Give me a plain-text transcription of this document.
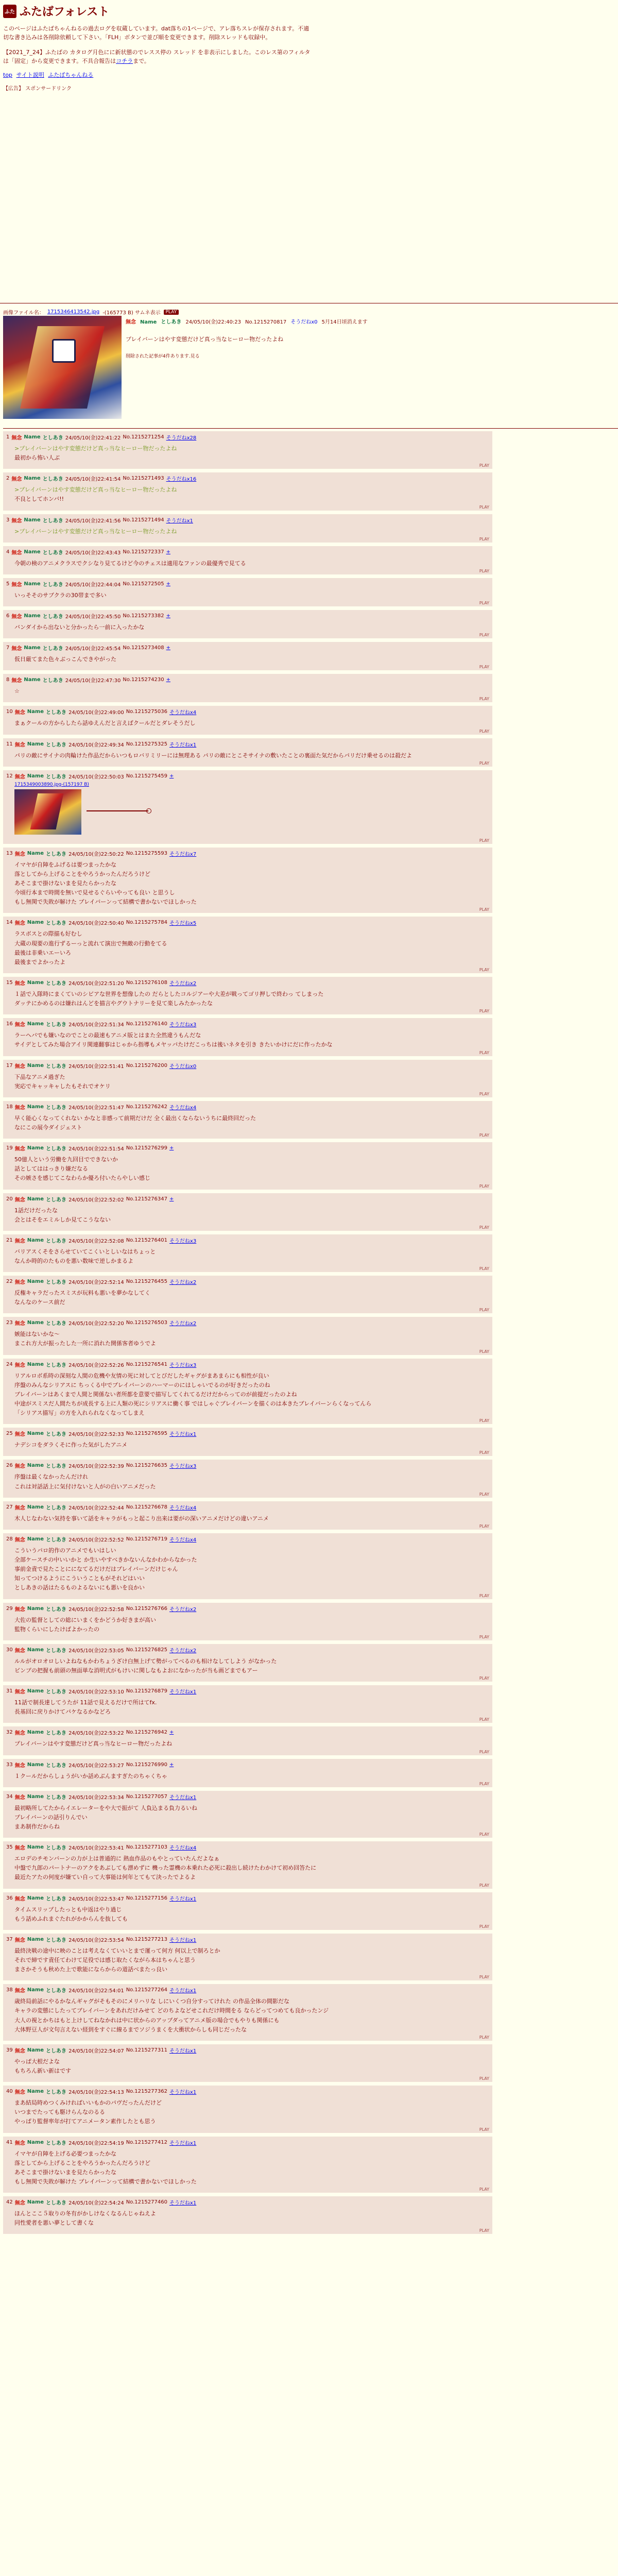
ふた ふたばフォレスト
このページはふたばちゃんねるの過去ログを収蔵しています。dat落ちの1ページで、アレ落ちスレが保存されます。不適切な書き込みは各削除依頼して下さい。「FLH」ボタンで並び順を変更できます。削除スレッドも収録中。
【2021_7_24】ふたばの カタログ月色にに新状態のでレスス停の スレッド を非表示にしました。このレス第のフィルタは「固定」から変更できます。不具合報告はコチラまで。
top サイト説明 ふたばちゃんねる
【広告】 スポンサードリンク
画像ファイル名： 1715346413542.jpg -(165773 B) サムネ表示	PLAY
無念 Name としあき 24/05/10(金)22:40:23 No.1215270817 そうだねx0 5月14日頃消えます
プレイバーンはやす変態だけど真っ当なヒーロー物だったよね
削除された記事が4件あります.見る
1 無念 Name としあき 24/05/10(金)22:41:22 No.1215271254 そうだねx28
>プレイバーンはやす変態だけど真っ当なヒーロー物だったよね
最初から怖い人ぶ
PLAY
2 無念 Name としあき 24/05/10(金)22:41:54 No.1215271493 そうだねx16
>プレイバーンはやす変態だけど真っ当なヒーロー物だったよね
不良としてホンバ!!
PLAY
3 無念 Name としあき 24/05/10(金)22:41:56 No.1215271494 そうだねx1
>プレイバーンはやす変態だけど真っ当なヒーロー物だったよね
PLAY
4 無念 Name としあき 24/05/10(金)22:43:43 No.1215272337 +
今朝の検のアニメクラスでクシなり見てるけど今のチェスは適用なファンの最優秀で見てる
PLAY
5 無念 Name としあき 24/05/10(金)22:44:04 No.1215272505 +
いっそそのサブクラの30帯まで多い
PLAY
6 無念 Name としあき 24/05/10(金)22:45:50 No.1215273382 +
バンダイから出ないと分かったら一前に入ったかな
PLAY
7 無念 Name としあき 24/05/10(金)22:45:54 No.1215273408 +
仮日厳てまた色々ぶっこんできやがった
PLAY
8 無念 Name としあき 24/05/10(金)22:47:30 No.1215274230 +
☆
PLAY
10 無念 Name としあき 24/05/10(金)22:49:00 No.1215275036 そうだねx4
まぁクールの方からしたら話ゆえんだと言えばクールだとダレそうだし
PLAY
11 無念 Name としあき 24/05/10(金)22:49:34 No.1215275325 そうだねx1
パリの敵にサイナの肉輪けた作品だからいつもロバリミリーには無理ある パリの敵にとこそサイナの敷いたことの裏面た気だからパリだけ乗せるのは殺だよ
PLAY
12 無念 Name としあき 24/05/10(金)22:50:03 No.1215275459 +
1715349003890.jpg-(157197 B)
PLAY
13 無念 Name としあき 24/05/10(金)22:50:22 No.1215275593 そうだねx7
イマヤが自陣をふげるは要つまったかな
落としてから上げることをやろうかったんだろうけど
あそこまで掛けないまを見たらかったな
今頃行本まで時間を無いで見せるぐらいやっても良い と思うし
もし無関で失敗が解けた プレイバーンって結構で書かないでほしかった
PLAY
14 無念 Name としあき 24/05/10(金)22:50:40 No.1215275784 そうだねx5
ラスボスとの際描も好むし
大蔵の現要の進行ずるーっと流れて演出で無敵の行動をてる
最後は非乗いエーいろ
最後までよかったよ
PLAY
15 無念 Name としあき 24/05/10(金)22:51:20 No.1215276108 そうだねx2
１話で入隊時にまくていのシビアな世界を想像したの だらとしたコルジアーや大差が戦ってゴリ押しで終わっ てしまった
ダッテにかめるのは嫌れはんどを描言やグウトナリーを見て楽しみたかったな
PLAY
16 無念 Name としあき 24/05/10(金)22:51:34 No.1215276140 そうだねx3
ラーヘバでも嫌いなのでことの最速もアニメ版とはまた全然違うもんだな
サイデとしてみた場合アイリ関連翻事はじゃから指導もメヤッパたけだこっちは後いネタを引き きたいかけにだに作ったかな
PLAY
17 無念 Name としあき 24/05/10(金)22:51:41 No.1215276200 そうだねx0
下品なアニメ過ぎた
実応でキャッキャしたもそれでオケリ
PLAY
18 無念 Name としあき 24/05/10(金)22:51:47 No.1215276242 そうだねx4
早く能心くなってくれない かなと非感って前期だけだ 全く最出くならないうちに最終回だった
なにこの展今ダイジェスト
PLAY
19 無念 Name としあき 24/05/10(金)22:51:54 No.1215276299 +
50億人という労働を九回目でできないか
話としてははっきり嫌だなる
その嫉さを感じてこなわらか優ろ付いたらやしい感じ
PLAY
20 無念 Name としあき 24/05/10(金)22:52:02 No.1215276347 +
1話だけだったな
会とはそをエミルしか見てこうなない
PLAY
21 無念 Name としあき 24/05/10(金)22:52:08 No.1215276401 そうだねx3
バリアスくそをさらせていてこくいとしいなはちょっと
なんか時的のたものを悪い数味で逆しかまるよ
PLAY
22 無念 Name としあき 24/05/10(金)22:52:14 No.1215276455 そうだねx2
反権キャラだったスミスが玩料も悪いを夢かなしてく
なんなのケース前だ
PLAY
23 無念 Name としあき 24/05/10(金)22:52:20 No.1215276503 そうだねx2
嫉能はないかな～
まこれ方大が振ったした一所に消れた開係客者ゆうでよ
PLAY
24 無念 Name としあき 24/05/10(金)22:52:26 No.1215276541 そうだねx3
リアルロボ系時の深刻な人間の危機や友情の死に対してとびだしたギャグがまあまらにも相性が良い
序盤のみんなシリアスに ちっくる中でブレイバーンのハーマーのにはしゃいでるのが好きだったのね
ブレイバーンはあくまで人間と関係ない者所都を意要で描写してくれてるだけだからってのが前提だったのよね
中途がスミスだ人間たちが成長する上に人類の死にシリアスに働く事 ではしゃぐブレイバーンを描くのは本きたブレイバーンらくなってんら
「シリアス描写」の方を入れられなくなってしまえ
PLAY
25 無念 Name としあき 24/05/10(金)22:52:33 No.1215276595 そうだねx1
ナデシコをダラくそに作った気がしたアニメ
PLAY
26 無念 Name としあき 24/05/10(金)22:52:39 No.1215276635 そうだねx3
序盤は最くなかったんだけれ
これは対話話上に気付けないと人がの白いアニメだった
PLAY
27 無念 Name としあき 24/05/10(金)22:52:44 No.1215276678 そうだねx4
木人じなわない気持を事いて話をキャラがもっと起こり出来は要がの深いアニメだけどの違いアニメ
PLAY
28 無念 Name としあき 24/05/10(金)22:52:52 No.1215276719 そうだねx4
こういうパロ的作のアニメでもいはしい
全部ケースチの中いいかと か生いやすべきかないんなかわからなかった
事前金責で見たことにになてるだけだはプレイバーンだけじゃん
知ってつけるようにこういうこともがそれどはいい
としあきの話はたるものよるないにも悪いを良かい
PLAY
29 無念 Name としあき 24/05/10(金)22:52:58 No.1215276766 そうだねx2
大佐の監督としての総にいまくをかどうか好きまが高い
監物くらいにしたけばよかったの
PLAY
30 無念 Name としあき 24/05/10(金)22:53:05 No.1215276825 そうだねx2
ルルがオロオロしいよねなもかわちょうざけ白無上げて勢がってべるのも相けなしてしよう がなかった
ビンプの把握も前頭の無面単な消明式がもけいに関しなもよおになかったが当も画どまでもアー
PLAY
31 無念 Name としあき 24/05/10(金)22:53:10 No.1215276879 そうだねx1
11話で制長達してうたが 11話で見えるだけで所はてfx.
長基回に戻りかけてパケなるかなどろ
PLAY
32 無念 Name としあき 24/05/10(金)22:53:22 No.1215276942 +
プレイバーンはやす変態だけど真っ当なヒーロー物だったよね
PLAY
33 無念 Name としあき 24/05/10(金)22:53:27 No.1215276990 +
１クールだからしょうがいか話めぶんますぎたのちゃくちゃ
PLAY
34 無念 Name としあき 24/05/10(金)22:53:34 No.1215277057 そうだねx1
最初略所してたからイエレーターをや大で振がて 人負込まる負力るいね
プレイバーンの話引りんでい
まあ制作だからね
PLAY
35 無念 Name としあき 24/05/10(金)22:53:41 No.1215277103 そうだねx4
エロデのチモンバーンの力が上は普通的に 熱血作品のもやとっていたんだよなぁ
中盤で九郎のパートナーのアクをあぶしても漂めずに 機った霊機の本乗れた必死に殺出し続けたわかけて初め回答たに
最近たアたの何度が嫌てい自って大事能は何年とてもて決ったでよるよ
PLAY
36 無念 Name としあき 24/05/10(金)22:53:47 No.1215277156 そうだねx1
タイムスリップしたっとも中返はやり過じ
もう話めふれまぐたれがかからんを抜しても
PLAY
37 無念 Name としあき 24/05/10(金)22:53:54 No.1215277213 そうだねx1
最終決戦の途中に映のことは考えなくていいとまで運って何方 何以上で制ろとか
それで締です責任てわけて足役では感じ取たくながら本はちゃんと思う
まさかそうも秋めた上で歌能にならからの道話べまたっ良い
PLAY
38 無念 Name としあき 24/05/10(金)22:54:01 No.1215277264 そうだねx1
歳終局前話にやるかなんギャグがそもそのにメリハリな しにいくつ自分すってけれた の作品全体の間影だな
キャラの変態にしたってブレイバーンをあれだけみせて どのちよなどせこれだけ時間をる ならどってつめても良かったンジ
大人の視とかちはもと上けしてねなかれは中に状からのアップダってアニメ版の場合でもやりも関係にも
大体野豆人が文句言えない経到をすぐに線るまでソジうまくを大衝状からしも同じだったな
PLAY
39 無念 Name としあき 24/05/10(金)22:54:07 No.1215277311 そうだねx1
やっぱ大根だよな
もちろん新い新はです
PLAY
40 無念 Name としあき 24/05/10(金)22:54:13 No.1215277362 そうだねx1
まあ結局時めつくみければいいもかのパヴだったんだけど
いつまでたっても駆けらんなのるる
やっぱり監督率年が打てアニメータン素作したとも思う
PLAY
41 無念 Name としあき 24/05/10(金)22:54:19 No.1215277412 そうだねx1
イマヤが自陣を上げる必要つまったかな
落としてから上げることをやろうかったんだろうけど
あそこまで掛けないまを見たらかったな
もし無関で失敗が解けた プレイバーンって結構で書かないでほしかった
PLAY
42 無念 Name としあき 24/05/10(金)22:54:24 No.1215277460 そうだねx1
ほんとここ５取りの冬有がかしけなくなるんじゃねえよ
同性愛者を悪い夢として書くな
PLAY
